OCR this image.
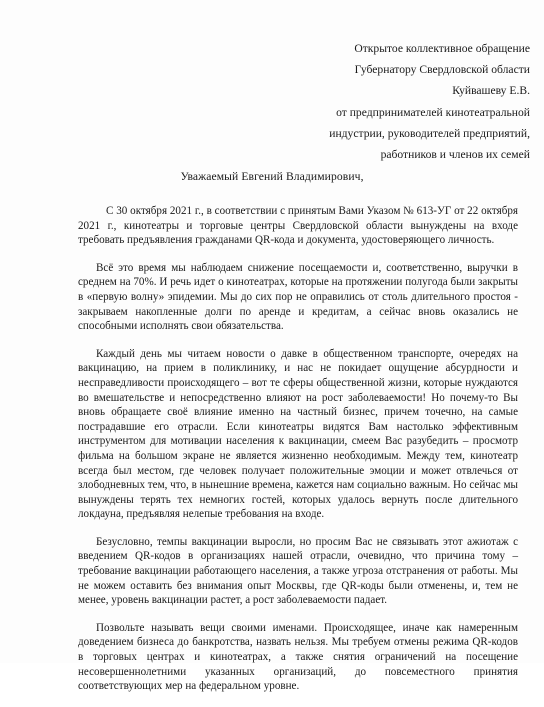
Открытое коллективное обращение
Губернатору Свердловской области
Куйвашеву Е.В.
от предпринимателей кинотеатральной
индустрии, руководителей предприятий,
работников и членов их семей
Уважаемый Евгений Владимирович,

С 30 октября 2021 г., в соответствии с принятым Вами Указом № 613-УГ от 22 октября 2021 г., кинотеатры и торговые центры Свердловской области вынуждены на входе требовать предъявления гражданами QR-кода и документа, удостоверяющего личность.

Всё это время мы наблюдаем снижение посещаемости и, соответственно, выручки в среднем на 70%. И речь идет о кинотеатрах, которые на протяжении полугода были закрыты в «первую волну» эпидемии. Мы до сих пор не оправились от столь длительного простоя - закрываем накопленные долги по аренде и кредитам, а сейчас вновь оказались не способными исполнять свои обязательства.

Каждый день мы читаем новости о давке в общественном транспорте, очередях на вакцинацию, на прием в поликлинику, и нас не покидает ощущение абсурдности и несправедливости происходящего – вот те сферы общественной жизни, которые нуждаются во вмешательстве и непосредственно влияют на рост заболеваемости! Но почему-то Вы вновь обращаете своё влияние именно на частный бизнес, причем точечно, на самые пострадавшие его отрасли. Если кинотеатры видятся Вам настолько эффективным инструментом для мотивации населения к вакцинации, смеем Вас разубедить – просмотр фильма на большом экране не является жизненно необходимым. Между тем, кинотеатр всегда был местом, где человек получает положительные эмоции и может отвлечься от злободневных тем, что, в нынешние времена, кажется нам социально важным. Но сейчас мы вынуждены терять тех немногих гостей, которых удалось вернуть после длительного локдауна, предъявляя нелепые требования на входе.

Безусловно, темпы вакцинации выросли, но просим Вас не связывать этот ажиотаж с введением QR-кодов в организациях нашей отрасли, очевидно, что причина тому – требование вакцинации работающего населения, а также угроза отстранения от работы. Мы не можем оставить без внимания опыт Москвы, где QR-коды были отменены, и, тем не менее, уровень вакцинации растет, а рост заболеваемости падает.

Позвольте называть вещи своими именами. Происходящее, иначе как намеренным доведением бизнеса до банкротства, назвать нельзя. Мы требуем отмены режима QR-кодов в торговых центрах и кинотеатрах, а также снятия ограничений на посещение несовершеннолетними указанных организаций, до повсеместного принятия соответствующих мер на федеральном уровне.
